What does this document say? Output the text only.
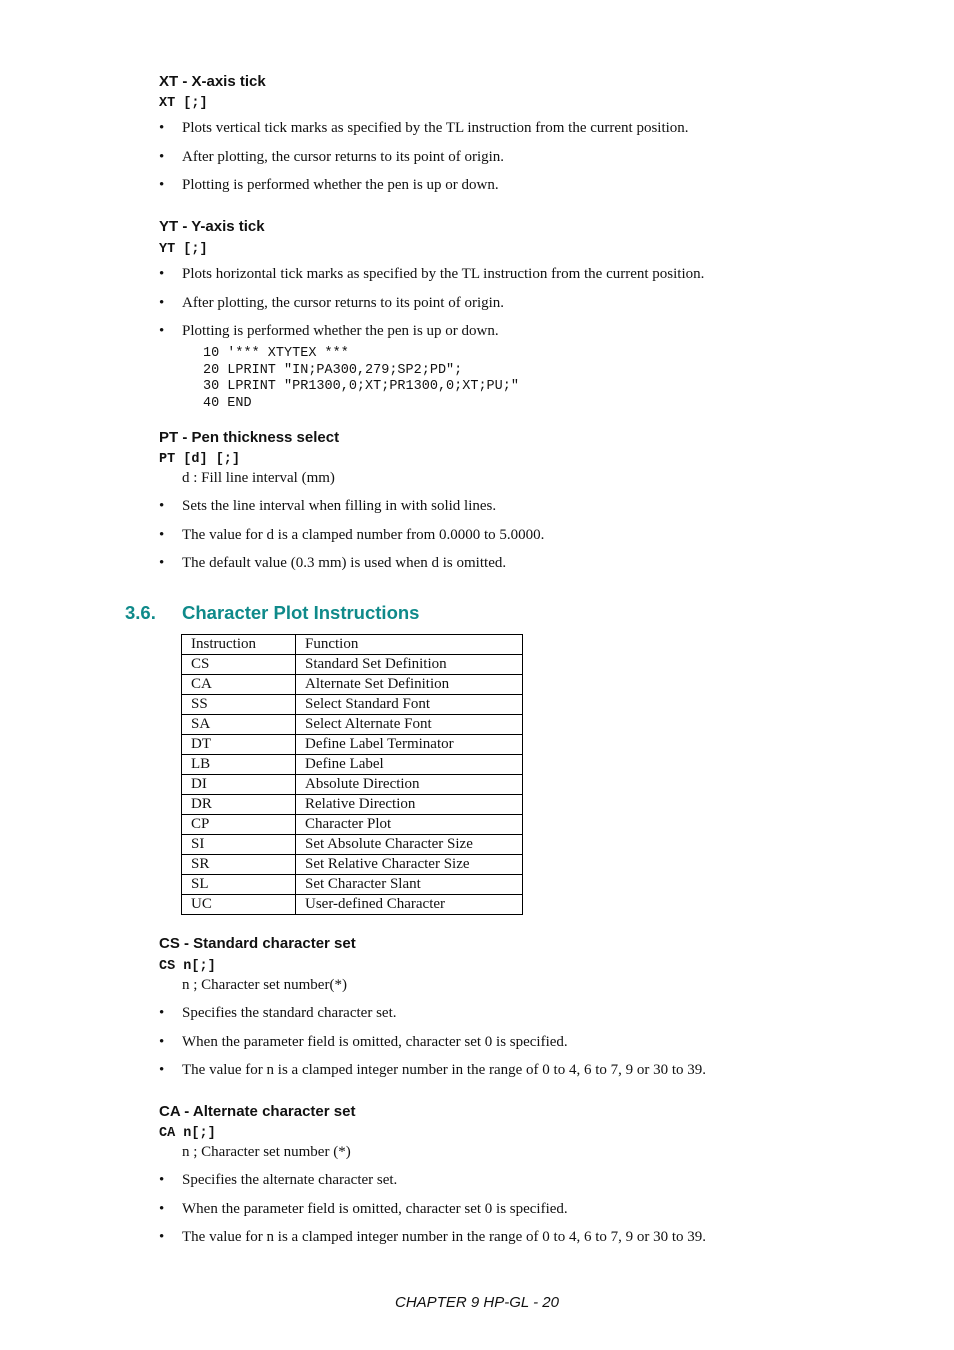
XT - X-axis tick
XT [;]
• Plots vertical tick marks as specified by the TL instruction from the current position.
• After plotting, the cursor returns to its point of origin.
• Plotting is performed whether the pen is up or down.
YT - Y-axis tick
YT [;]
• Plots horizontal tick marks as specified by the TL instruction from the current position.
• After plotting, the cursor returns to its point of origin.
• Plotting is performed whether the pen is up or down.
10 '*** XTYTEX ***
20 LPRINT "IN;PA300,279;SP2;PD";
30 LPRINT "PR1300,0;XT;PR1300,0;XT;PU;"
40 END
PT - Pen thickness select
PT [d] [;]

d : Fill line interval (mm)

• Sets the line interval when filling in with solid lines.
• The value for d is a clamped number from 0.0000 to 5.0000.
• The default value (0.3 mm) is used when d is omitted.
3.6. Character Plot Instructions
Instruction	Function
CS	Standard Set Definition
CA	Alternate Set Definition
SS	Select Standard Font
SA	Select Alternate Font
DT	Define Label Terminator
LB	Define Label
DI	Absolute Direction
DR	Relative Direction
CP	Character Plot
SI	Set Absolute Character Size
SR	Set Relative Character Size
SL	Set Character Slant
UC	User-defined Character
CS - Standard character set
CS n[;]

n ; Character set number(*)

• Specifies the standard character set.
• When the parameter field is omitted, character set 0 is specified.
• The value for n is a clamped integer number in the range of 0 to 4, 6 to 7, 9 or 30 to 39.
CA - Alternate character set
CA n[;]

n ; Character set number (*)

• Specifies the alternate character set.
• When the parameter field is omitted, character set 0 is specified.
• The value for n is a clamped integer number in the range of 0 to 4, 6 to 7, 9 or 30 to 39.
CHAPTER 9 HP-GL - 20
